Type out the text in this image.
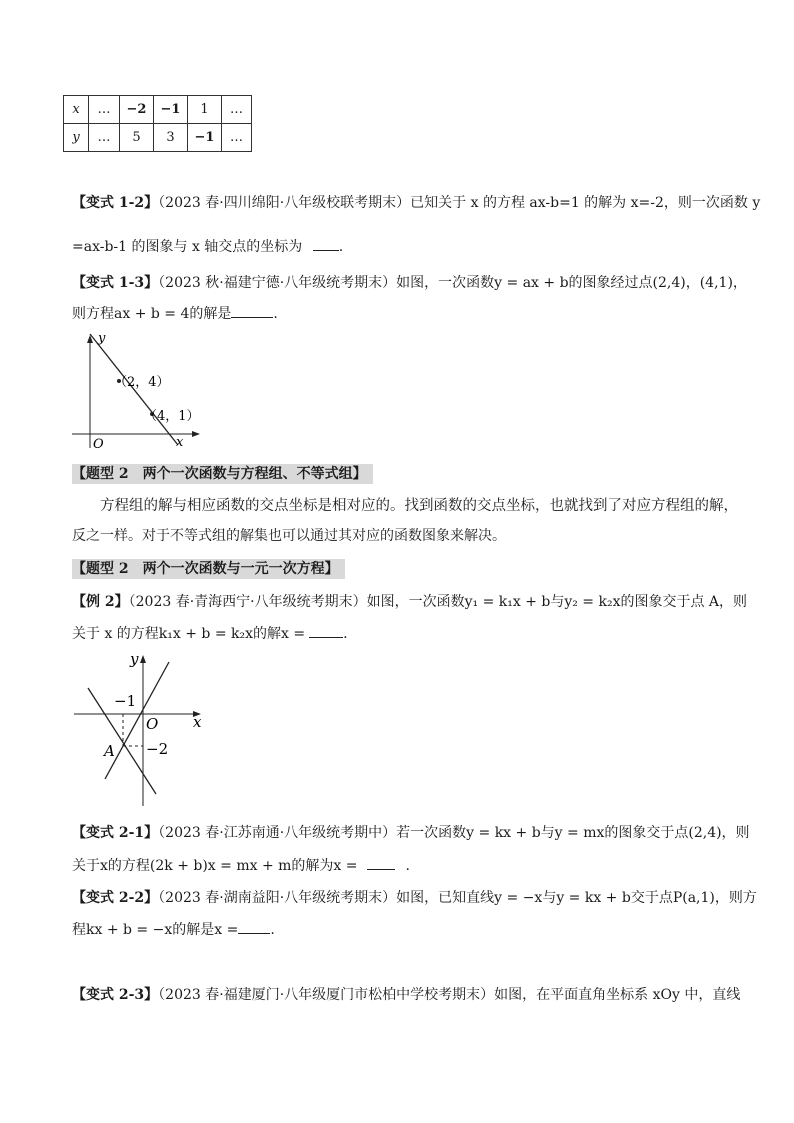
x	…	−2	−1	1	…
y	…	5	3	−1	…
【变式 1-2】（2023 春·四川绵阳·八年级校联考期末）已知关于 x 的方程 ax-b=1 的解为 x=-2，则一次函数 y
=ax-b-1 的图象与 x 轴交点的坐标为	.
【变式 1-3】（2023 秋·福建宁德·八年级统考期末）如图，一次函数y = ax + b的图象经过点(2,4)，(4,1)，
则方程ax + b = 4的解是	.
y
x
O
（2，4）
（4，1）
【题型 2　两个一次函数与方程组、不等式组】
方程组的解与相应函数的交点坐标是相对应的。找到函数的交点坐标，也就找到了对应方程组的解，
反之一样。对于不等式组的解集也可以通过其对应的函数图象来解决。
【题型 2　两个一次函数与一元一次方程】
【例 2】（2023 春·青海西宁·八年级统考期末）如图，一次函数y₁ = k₁x + b与y₂ = k₂x的图象交于点 A，则
关于 x 的方程k₁x + b = k₂x的解x =	.
y
x
O
A
−1
−2
【变式 2-1】（2023 春·江苏南通·八年级统考期中）若一次函数y = kx + b与y = mx的图象交于点(2,4)，则
关于x的方程(2k + b)x = mx + m的解为x =	.
【变式 2-2】（2023 春·湖南益阳·八年级统考期末）如图，已知直线y = −x与y = kx + b交于点P(a,1)，则方
程kx + b = −x的解是x = .
【变式 2-3】（2023 春·福建厦门·八年级厦门市松柏中学校考期末）如图，在平面直角坐标系 xOy 中，直线
